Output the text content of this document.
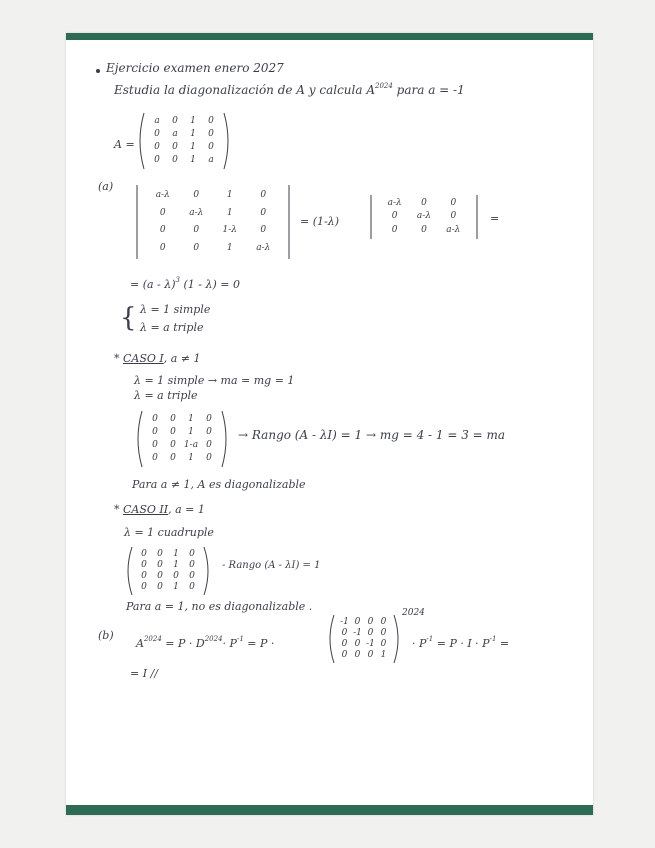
Ejercicio examen enero 2027
Estudia la diagonalización de A y calcula $A^{2024}$ para a = -1
A =
a	0	1	0
0	a	1	0
0	0	1	0
0	0	1	a
(a)
a-λ	0	1	0
0	a-λ	1	0
0	0	1-λ	0
0	0	1	a-λ
= (1-λ)
a-λ	0	0
0	a-λ	0
0	0	a-λ
=
= (a - λ)$^3$ (1 - λ) = 0
{ λ = 1 simple
λ = a triple
* CASO I, a ≠ 1
λ = 1 simple → ma = mg = 1
λ = a triple
0	0	1	0
0	0	1	0
0	0 1-a 0
0	0	1	0
→ Rango (A - λI) = 1 → mg = 4 - 1 = 3 = ma
Para a ≠ 1, A es diagonalizable
* CASO II, a = 1
λ = 1 cuadruple
0	0	1	0
0	0	1	0
0	0	0	0
0	0	1	0
- Rango (A - λI) = 1
Para a = 1, no es diagonalizable .
(b)
$A^{2024} = P \cdot D^{2024}\cdot P^{-1} = P$ ·
-1 0 0 0
0 -1 0 0
0 0 -1 0
0 0 0 1
2024
· $P^{-1} = P \cdot I \cdot P^{-1}$ =
= I //
